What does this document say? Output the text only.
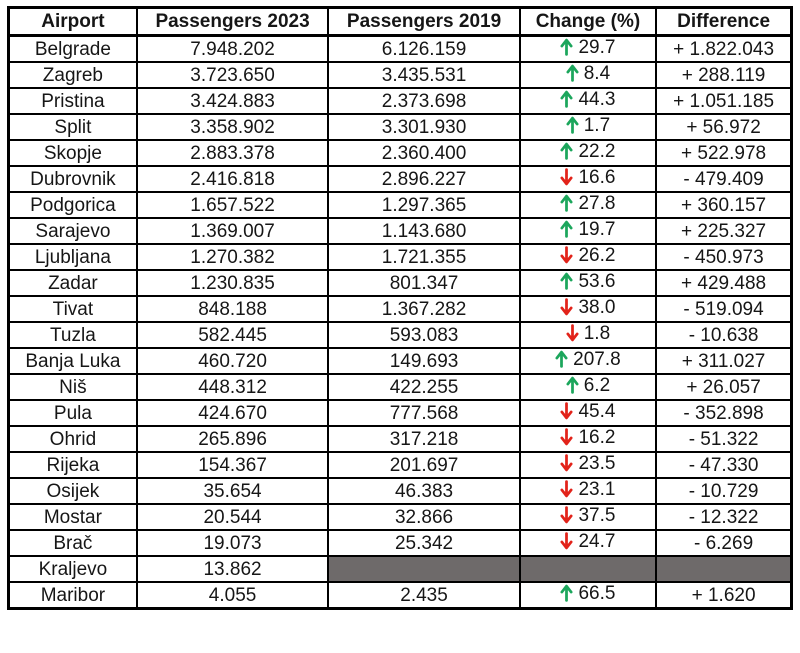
Airport	Passengers 2023	Passengers 2019	Change (%)	Difference
Belgrade	7.948.202	6.126.159	29.7	+ 1.822.043
Zagreb	3.723.650	3.435.531	8.4	+ 288.119
Pristina	3.424.883	2.373.698	44.3	+ 1.051.185
Split	3.358.902	3.301.930	1.7	+ 56.972
Skopje	2.883.378	2.360.400	22.2	+ 522.978
Dubrovnik	2.416.818	2.896.227	16.6	- 479.409
Podgorica	1.657.522	1.297.365	27.8	+ 360.157
Sarajevo	1.369.007	1.143.680	19.7	+ 225.327
Ljubljana	1.270.382	1.721.355	26.2	- 450.973
Zadar	1.230.835	801.347	53.6	+ 429.488
Tivat	848.188	1.367.282	38.0	- 519.094
Tuzla	582.445	593.083	1.8	- 10.638
Banja Luka	460.720	149.693	207.8	+ 311.027
Niš	448.312	422.255	6.2	+ 26.057
Pula	424.670	777.568	45.4	- 352.898
Ohrid	265.896	317.218	16.2	- 51.322
Rijeka	154.367	201.697	23.5	- 47.330
Osijek	35.654	46.383	23.1	- 10.729
Mostar	20.544	32.866	37.5	- 12.322
Brač	19.073	25.342	24.7	- 6.269
Kraljevo	13.862			
Maribor	4.055	2.435	66.5	+ 1.620
